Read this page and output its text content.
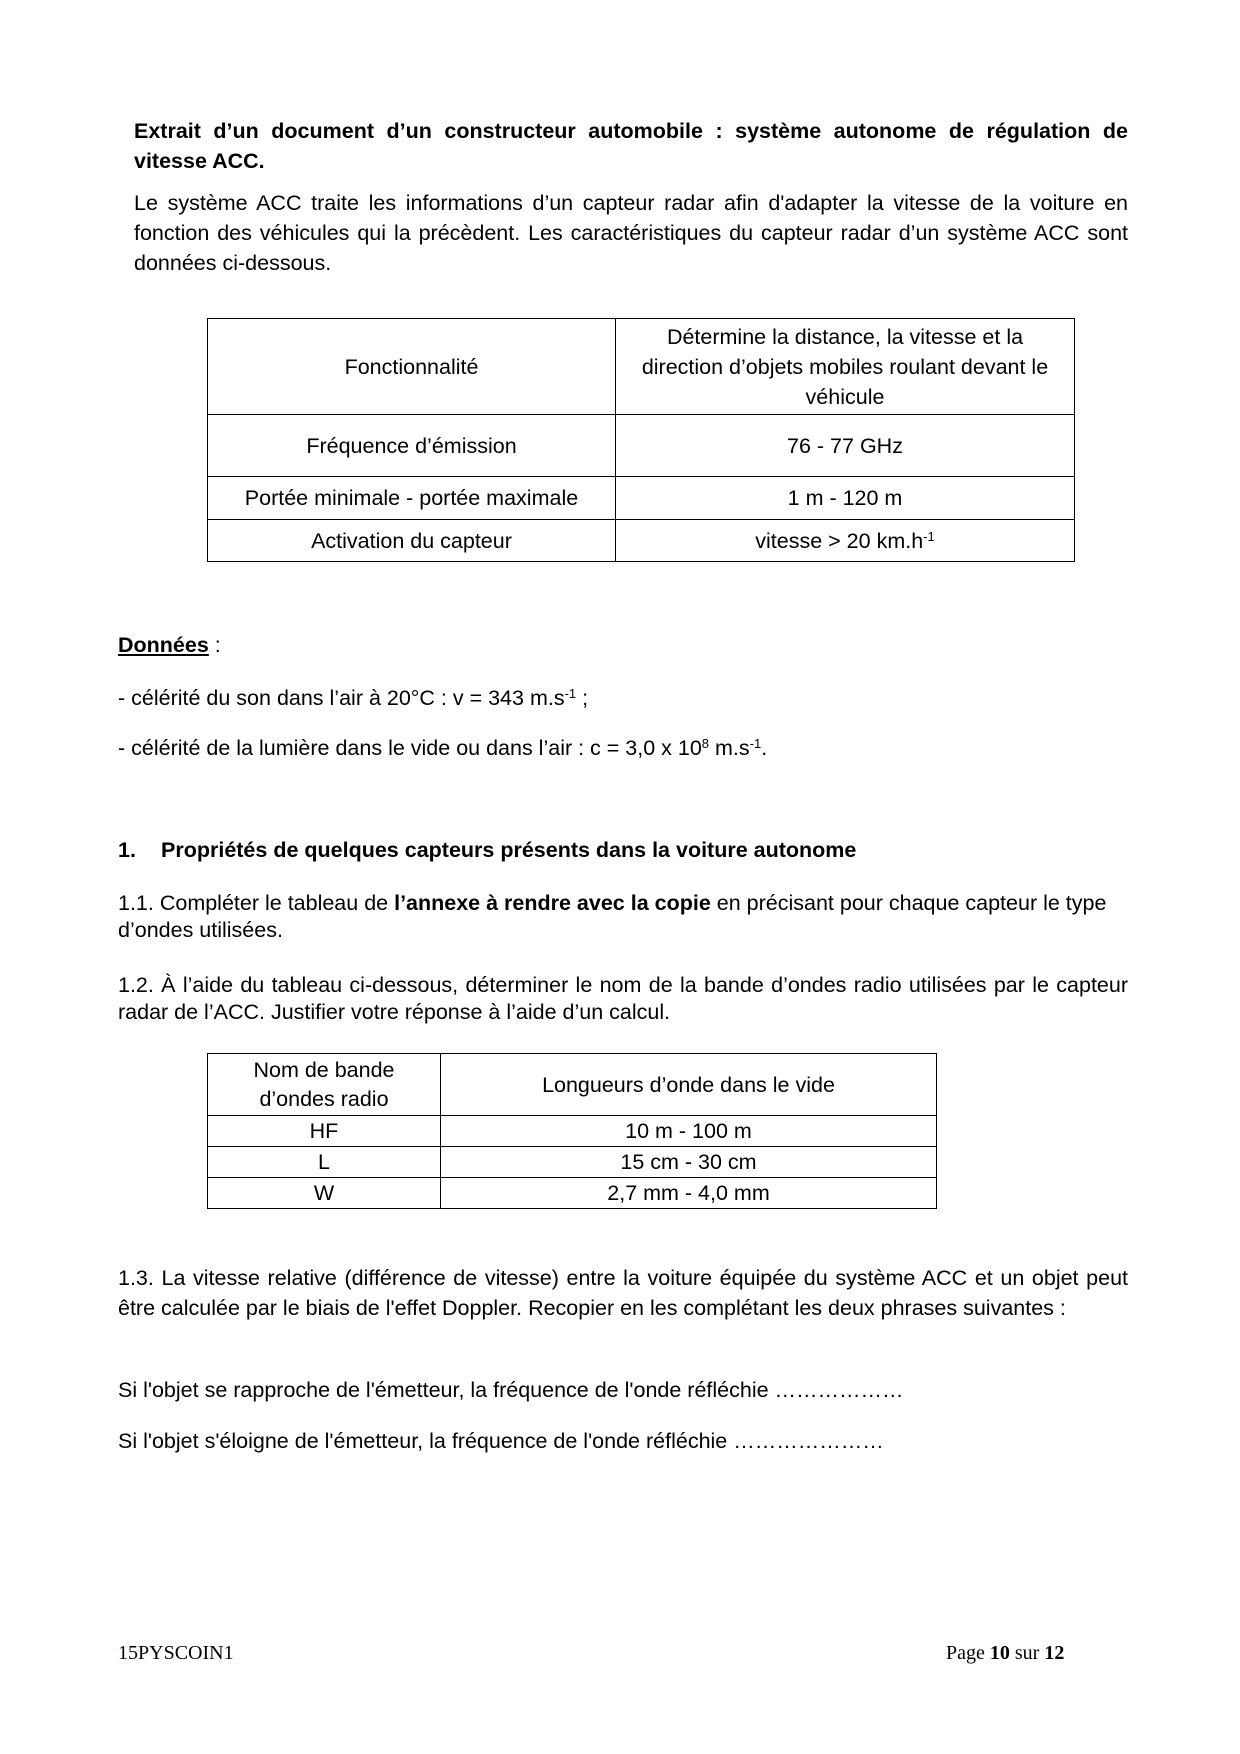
Extrait d’un document d’un constructeur automobile : système autonome de régulation de vitesse ACC.

Le système ACC traite les informations d’un capteur radar afin d'adapter la vitesse de la voiture en fonction des véhicules qui la précèdent. Les caractéristiques du capteur radar d’un système ACC sont données ci-dessous.

Fonctionnalité	Détermine la distance, la vitesse et la direction d’objets mobiles roulant devant le véhicule
Fréquence d’émission	76 - 77 GHz
Portée minimale - portée maximale	1 m - 120 m
Activation du capteur	vitesse > 20 $km.h^{-1}$

Données :

- célérité du son dans l’air à 20°C : v = 343 $m.s^{-1}$ ;

- célérité de la lumière dans le vide ou dans l’air : c = 3,0 x $10^8$ $m.s^{-1}$.

1. Propriétés de quelques capteurs présents dans la voiture autonome

1.1. Compléter le tableau de l’annexe à rendre avec la copie en précisant pour chaque capteur le type d’ondes utilisées.

1.2. À l’aide du tableau ci-dessous, déterminer le nom de la bande d’ondes radio utilisées par le capteur radar de l’ACC. Justifier votre réponse à l’aide d’un calcul.

Nom de bande d’ondes radio	Longueurs d’onde dans le vide
HF	10 m - 100 m
L	15 cm - 30 cm
W	2,7 mm - 4,0 mm

1.3. La vitesse relative (différence de vitesse) entre la voiture équipée du système ACC et un objet peut être calculée par le biais de l'effet Doppler. Recopier en les complétant les deux phrases suivantes :

Si l'objet se rapproche de l'émetteur, la fréquence de l'onde réfléchie ………………

Si l'objet s'éloigne de l'émetteur, la fréquence de l'onde réfléchie …………………

15PYSCOIN1	Page 10 sur 12
